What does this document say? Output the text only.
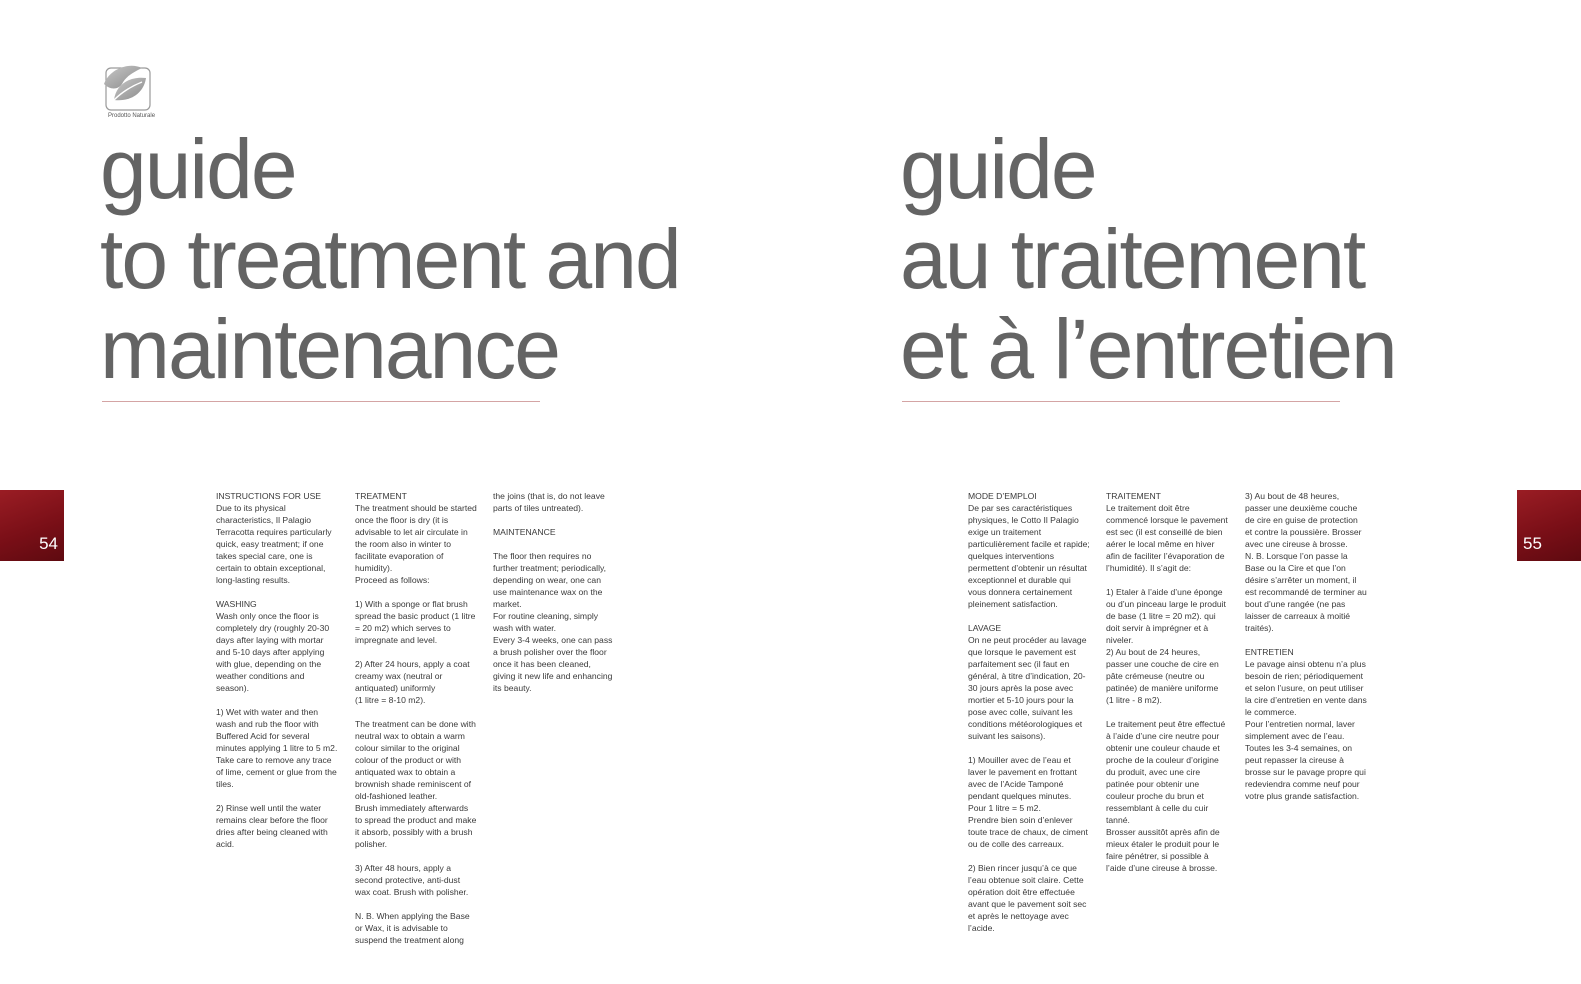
Prodotto Naturale
guide
to treatment and
maintenance
guide
au traitement
et à l’entretien
54	55

INSTRUCTIONS FOR USE
Due to its physical characteristics, Il Palagio Terracotta requires particularly quick, easy treatment; if one takes special care, one is certain to obtain exceptional, long-lasting results.

WASHING
Wash only once the floor is completely dry (roughly 20-30 days after laying with mortar and 5-10 days after applying with glue, depending on the weather conditions and season).

1) Wet with water and then wash and rub the floor with Buffered Acid for several minutes applying 1 litre to 5 m2. Take care to remove any trace of lime, cement or glue from the tiles.

2) Rinse well until the water remains clear before the floor dries after being cleaned with acid.

TREATMENT
The treatment should be started once the floor is dry (it is advisable to let air circulate in the room also in winter to facilitate evaporation of humidity).
Proceed as follows:

1) With a sponge or flat brush spread the basic product (1 litre = 20 m2) which serves to impregnate and level.

2) After 24 hours, apply a coat creamy wax (neutral or antiquated) uniformly
(1 litre = 8-10 m2).

The treatment can be done with neutral wax to obtain a warm colour similar to the original colour of the product or with antiquated wax to obtain a brownish shade reminiscent of old-fashioned leather.
Brush immediately afterwards to spread the product and make it absorb, possibly with a brush polisher.

3) After 48 hours, apply a second protective, anti-dust wax coat. Brush with polisher.

N. B. When applying the Base or Wax, it is advisable to suspend the treatment along

the joins (that is, do not leave parts of tiles untreated).

MAINTENANCE

The floor then requires no further treatment; periodically, depending on wear, one can use maintenance wax on the market.
For routine cleaning, simply wash with water.
Every 3-4 weeks, one can pass a brush polisher over the floor once it has been cleaned, giving it new life and enhancing its beauty.

MODE D’EMPLOI
De par ses caractéristiques physiques, le Cotto Il Palagio exige un traitement particulièrement facile et rapide; quelques interventions permettent d’obtenir un résultat exceptionnel et durable qui vous donnera certainement pleinement satisfaction.

LAVAGE
On ne peut procéder au lavage que lorsque le pavement est parfaitement sec (il faut en général, à titre d’indication, 20-30 jours après la pose avec mortier et 5-10 jours pour la pose avec colle, suivant les conditions météorologiques et suivant les saisons).

1) Mouiller avec de l’eau et laver le pavement en frottant avec de l’Acide Tamponé pendant quelques minutes. Pour 1 litre = 5 m2.
Prendre bien soin d’enlever toute trace de chaux, de ciment ou de colle des carreaux.

2) Bien rincer jusqu’à ce que l’eau obtenue soit claire. Cette opération doit être effectuée avant que le pavement soit sec et après le nettoyage avec l’acide.

TRAITEMENT
Le traitement doit être commencé lorsque le pavement est sec (il est conseillé de bien aérer le local même en hiver afin de faciliter l’évaporation de l’humidité). Il s’agit de:

1) Etaler à l’aide d’une éponge ou d’un pinceau large le produit de base (1 litre = 20 m2). qui doit servir à imprégner et à niveler.
2) Au bout de 24 heures, passer une couche de cire en pâte crémeuse (neutre ou patinée) de manière uniforme (1 litre - 8 m2).

Le traitement peut être effectué à l’aide d’une cire neutre pour obtenir une couleur chaude et proche de la couleur d’origine du produit, avec une cire patinée pour obtenir une couleur proche du brun et ressemblant à celle du cuir tanné.
Brosser aussitôt après afin de mieux étaler le produit pour le faire pénétrer, si possible à l’aide d’une cireuse à brosse.

3) Au bout de 48 heures, passer une deuxième couche de cire en guise de protection et contre la poussière. Brosser avec une cireuse à brosse.
N. B. Lorsque l’on passe la Base ou la Cire et que l’on désire s’arrêter un moment, il est recommandé de terminer au bout d’une rangée (ne pas laisser de carreaux à moitié traités).

ENTRETIEN
Le pavage ainsi obtenu n’a plus besoin de rien; périodiquement et selon l’usure, on peut utiliser la cire d’entretien en vente dans le commerce.
Pour l’entretien normal, laver simplement avec de l’eau.
Toutes les 3-4 semaines, on peut repasser la cireuse à brosse sur le pavage propre qui redeviendra comme neuf pour votre plus grande satisfaction.
